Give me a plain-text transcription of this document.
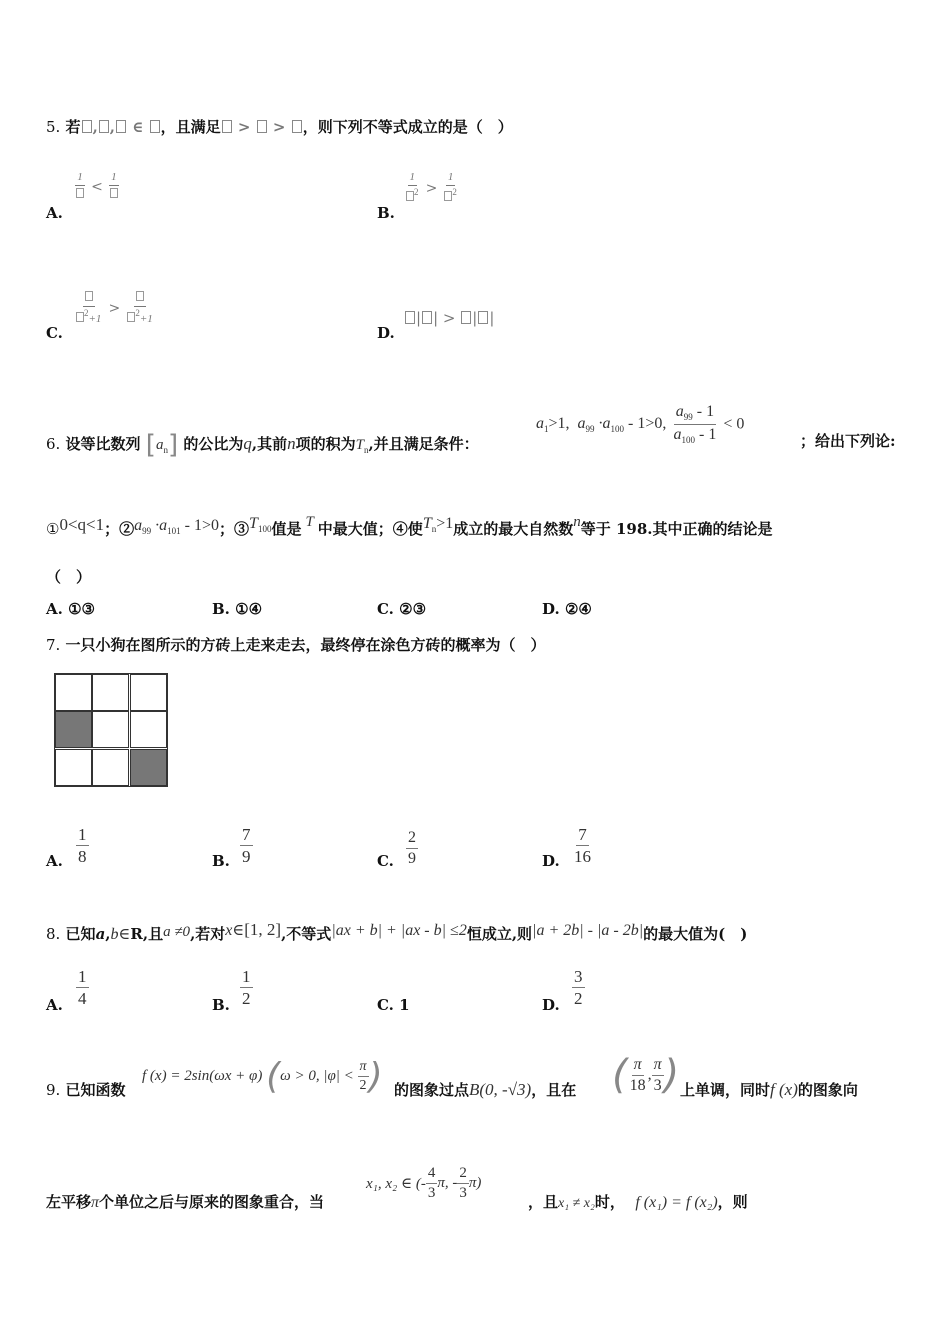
5. 若 , , ∈ ，且满足 > > ，则下列不等式成立的是（　）
1
<
1
A.
$\frac{1}{^2} > \frac{1}{^2}$
B.
$^2$+1
>	$^2$+1
C.	D.
| | > | |
6. 设等比数列 $[a_n]$ 的公比为q,其前n项的积为$T_n$,并且满足条件：
$a_1>1$, $a_{99} \cdot a_{100} - 1>0$, $\frac{a_{99} - 1}{a_{100} - 1} < 0$
；给出下列论:
①0<q<1；$②a_{99} \cdot a_{101} - 1>0$；$③T_{100}$值是 T 中最大值；④使$T_n>1$成立的最大自然数n等于 198.其中正确的结论是
（　）
A. ①③	B. ①④	C. ②③	D. ②④
7. 一只小狗在图所示的方砖上走来走去，最终停在涂色方砖的概率为（　）
A. $\frac{1}{8}$	B. $\frac{7}{9}$	C. $\frac{2}{9}$	D. $\frac{7}{16}$
8. 已知a,b∈R,且a ≠0,若对x∈[1, 2],不等式|ax + b| + |ax - b| ≤2恒成立,则|a + 2b| - |a - 2b|的最大值为(　)
A. $\frac{1}{4}$	B. $\frac{1}{2}$	C. 1	D. $\frac{3}{2}$
9. 已知函数
f (x) = 2sin(ωx + φ) (ω > 0, $|\varphi| < \frac{\pi}{2}$ ) 的图象过点B(0, -√3)，且在 ( $\frac{\pi}{18}$ , $\frac{\pi}{3}$ ) 上单调，同时f (x)的图象向
左平移π个单位之后与原来的图象重合，当
x₁, x₂ ∈ (- $\frac{4}{3} \pi$, - $\frac{2}{3} \pi$)
，且x₁ ≠ x₂时， f (x₁) = f (x₂)，则
